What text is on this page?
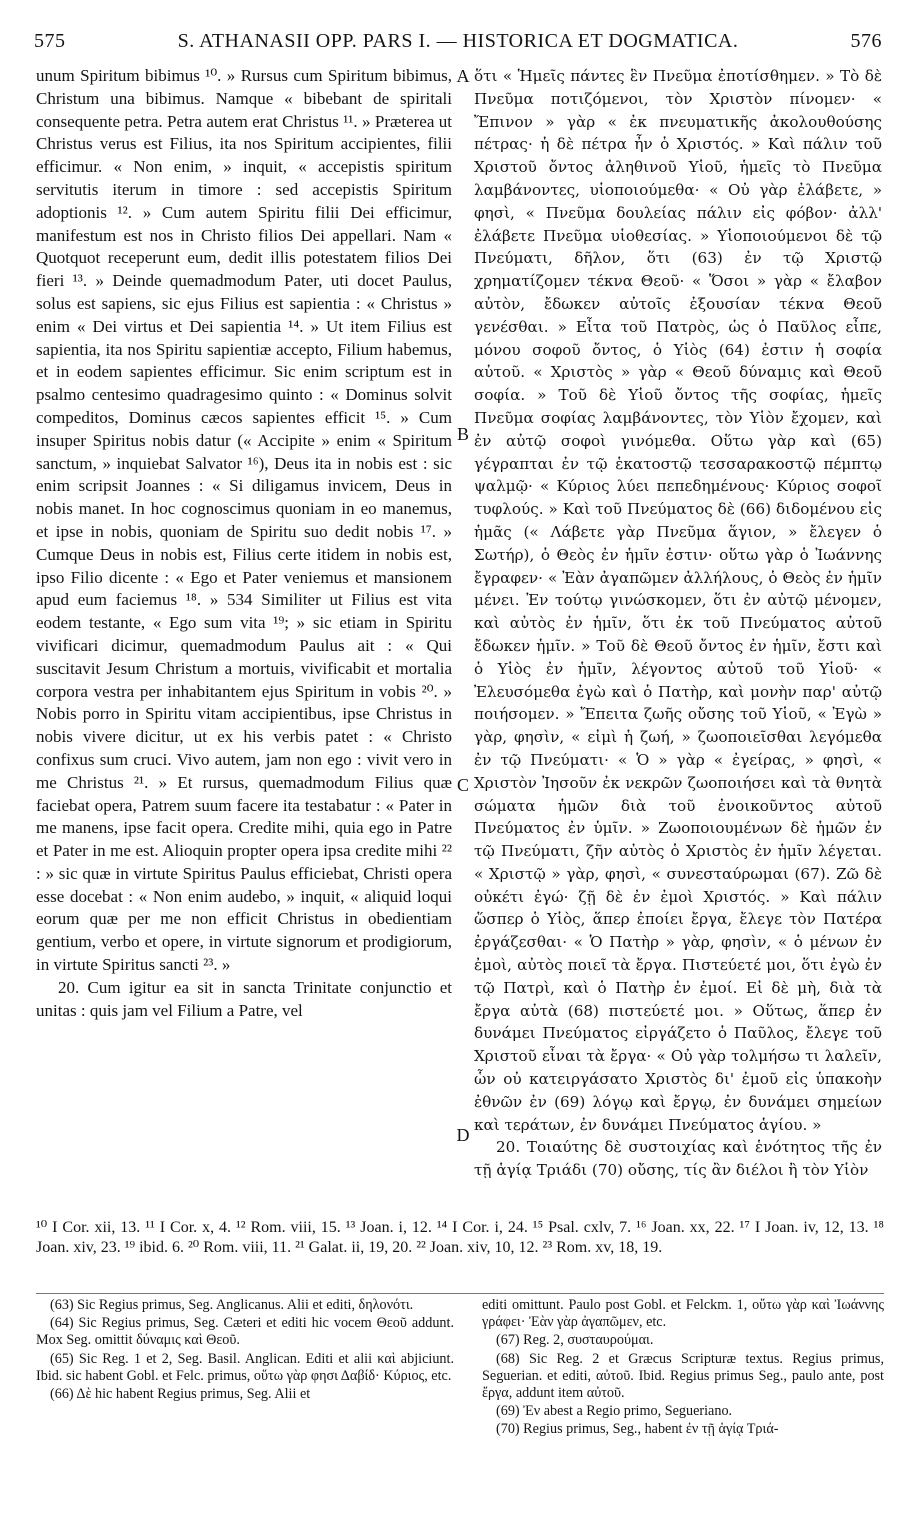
575	S. ATHANASII OPP. PARS I. — HISTORICA ET DOGMATICA.	576

unum Spiritum bibimus ¹⁰. » Rursus cum Spiritum bibimus, Christum una bibimus. Namque « bibebant de spiritali consequente petra. Petra autem erat Christus ¹¹. » Præterea ut Christus verus est Filius, ita nos Spiritum accipientes, filii efficimur. « Non enim, » inquit, « accepistis spiritum servitutis iterum in timore : sed accepistis Spiritum adoptionis ¹². » Cum autem Spiritu filii Dei efficimur, manifestum est nos in Christo filios Dei appellari. Nam « Quotquot receperunt eum, dedit illis potestatem filios Dei fieri ¹³. » Deinde quemadmodum Pater, uti docet Paulus, solus est sapiens, sic ejus Filius est sapientia : « Christus » enim « Dei virtus et Dei sapientia ¹⁴. » Ut item Filius est sapientia, ita nos Spiritu sapientiæ accepto, Filium habemus, et in eodem sapientes efficimur. Sic enim scriptum est in psalmo centesimo quadragesimo quinto : « Dominus solvit compeditos, Dominus cæcos sapientes efficit ¹⁵. » Cum insuper Spiritus nobis datur (« Accipite » enim « Spiritum sanctum, » inquiebat Salvator ¹⁶), Deus ita in nobis est : sic enim scripsit Joannes : « Si diligamus invicem, Deus in nobis manet. In hoc cognoscimus quoniam in eo manemus, et ipse in nobis, quoniam de Spiritu suo dedit nobis ¹⁷. » Cumque Deus in nobis est, Filius certe itidem in nobis est, ipso Filio dicente : « Ego et Pater veniemus et mansionem apud eum faciemus ¹⁸. » 534 Similiter ut Filius est vita eodem testante, « Ego sum vita ¹⁹; » sic etiam in Spiritu vivificari dicimur, quemadmodum Paulus ait : « Qui suscitavit Jesum Christum a mortuis, vivificabit et mortalia corpora vestra per inhabitantem ejus Spiritum in vobis ²⁰. » Nobis porro in Spiritu vitam accipientibus, ipse Christus in nobis vivere dicitur, ut ex his verbis patet : « Christo confixus sum cruci. Vivo autem, jam non ego : vivit vero in me Christus ²¹. » Et rursus, quemadmodum Filius quæ faciebat opera, Patrem suum facere ita testabatur : « Pater in me manens, ipse facit opera. Credite mihi, quia ego in Patre et Pater in me est. Alioquin propter opera ipsa credite mihi ²² : » sic quæ in virtute Spiritus Paulus efficiebat, Christi opera esse docebat : « Non enim audebo, » inquit, « aliquid loqui eorum quæ per me non efficit Christus in obedientiam gentium, verbo et opere, in virtute signorum et prodigiorum, in virtute Spiritus sancti ²³. »

20. Cum igitur ea sit in sancta Trinitate conjunctio et unitas : quis jam vel Filium a Patre, vel

A
B
C
D

ὅτι « Ἡμεῖς πάντες ἓν Πνεῦμα ἐποτίσθημεν. » Τὸ δὲ Πνεῦμα ποτιζόμενοι, τὸν Χριστὸν πίνομεν· « Ἔπινον » γὰρ « ἐκ πνευματικῆς ἀκολουθούσης πέτρας· ἡ δὲ πέτρα ἦν ὁ Χριστός. » Καὶ πάλιν τοῦ Χριστοῦ ὄντος ἀληθινοῦ Υἱοῦ, ἡμεῖς τὸ Πνεῦμα λαμβάνοντες, υἱοποιούμεθα· « Οὐ γὰρ ἐλάβετε, » φησὶ, « Πνεῦμα δουλείας πάλιν εἰς φόβον· ἀλλ' ἐλάβετε Πνεῦμα υἱοθεσίας. » Υἱοποιούμενοι δὲ τῷ Πνεύματι, δῆλον, ὅτι (63) ἐν τῷ Χριστῷ χρηματίζομεν τέκνα Θεοῦ· « Ὅσοι » γὰρ « ἔλαβον αὐτὸν, ἔδωκεν αὐτοῖς ἐξουσίαν τέκνα Θεοῦ γενέσθαι. » Εἶτα τοῦ Πατρὸς, ὡς ὁ Παῦλος εἶπε, μόνου σοφοῦ ὄντος, ὁ Υἱὸς (64) ἐστιν ἡ σοφία αὐτοῦ. « Χριστὸς » γὰρ « Θεοῦ δύναμις καὶ Θεοῦ σοφία. » Τοῦ δὲ Υἱοῦ ὄντος τῆς σοφίας, ἡμεῖς Πνεῦμα σοφίας λαμβάνοντες, τὸν Υἱὸν ἔχομεν, καὶ ἐν αὐτῷ σοφοὶ γινόμεθα. Οὕτω γὰρ καὶ (65) γέγραπται ἐν τῷ ἑκατοστῷ τεσσαρακοστῷ πέμπτῳ ψαλμῷ· « Κύριος λύει πεπεδημένους· Κύριος σοφοῖ τυφλούς. » Καὶ τοῦ Πνεύματος δὲ (66) διδομένου εἰς ἡμᾶς (« Λάβετε γὰρ Πνεῦμα ἅγιον, » ἔλεγεν ὁ Σωτήρ), ὁ Θεὸς ἐν ἡμῖν ἐστιν· οὕτω γὰρ ὁ Ἰωάννης ἔγραφεν· « Ἐὰν ἀγαπῶμεν ἀλλήλους, ὁ Θεὸς ἐν ἡμῖν μένει. Ἐν τούτῳ γινώσκομεν, ὅτι ἐν αὐτῷ μένομεν, καὶ αὐτὸς ἐν ἡμῖν, ὅτι ἐκ τοῦ Πνεύματος αὐτοῦ ἔδωκεν ἡμῖν. » Τοῦ δὲ Θεοῦ ὄντος ἐν ἡμῖν, ἔστι καὶ ὁ Υἱὸς ἐν ἡμῖν, λέγοντος αὐτοῦ τοῦ Υἱοῦ· « Ἐλευσόμεθα ἐγὼ καὶ ὁ Πατὴρ, καὶ μονὴν παρ' αὐτῷ ποιήσομεν. » Ἔπειτα ζωῆς οὔσης τοῦ Υἱοῦ, « Ἐγὼ » γὰρ, φησὶν, « εἰμὶ ἡ ζωή, » ζωοποιεῖσθαι λεγόμεθα ἐν τῷ Πνεύματι· « Ὁ » γὰρ « ἐγείρας, » φησὶ, « Χριστὸν Ἰησοῦν ἐκ νεκρῶν ζωοποιήσει καὶ τὰ θνητὰ σώματα ἡμῶν διὰ τοῦ ἐνοικοῦντος αὐτοῦ Πνεύματος ἐν ὑμῖν. » Ζωοποιουμένων δὲ ἡμῶν ἐν τῷ Πνεύματι, ζῆν αὐτὸς ὁ Χριστὸς ἐν ἡμῖν λέγεται. « Χριστῷ » γὰρ, φησὶ, « συνεσταύρωμαι (67). Ζῶ δὲ οὐκέτι ἐγώ· ζῇ δὲ ἐν ἐμοὶ Χριστός. » Καὶ πάλιν ὥσπερ ὁ Υἱὸς, ἅπερ ἐποίει ἔργα, ἔλεγε τὸν Πατέρα ἐργάζεσθαι· « Ὁ Πατὴρ » γὰρ, φησὶν, « ὁ μένων ἐν ἐμοὶ, αὐτὸς ποιεῖ τὰ ἔργα. Πιστεύετέ μοι, ὅτι ἐγὼ ἐν τῷ Πατρὶ, καὶ ὁ Πατὴρ ἐν ἐμοί. Εἰ δὲ μὴ, διὰ τὰ ἔργα αὐτὰ (68) πιστεύετέ μοι. » Οὕτως, ἅπερ ἐν δυνάμει Πνεύματος εἰργάζετο ὁ Παῦλος, ἔλεγε τοῦ Χριστοῦ εἶναι τὰ ἔργα· « Οὐ γὰρ τολμήσω τι λαλεῖν, ὧν οὐ κατειργάσατο Χριστὸς δι' ἐμοῦ εἰς ὑπακοὴν ἐθνῶν ἐν (69) λόγῳ καὶ ἔργῳ, ἐν δυνάμει σημείων καὶ τεράτων, ἐν δυνάμει Πνεύματος ἁγίου. »

20. Τοιαύτης δὲ συστοιχίας καὶ ἑνότητος τῆς ἐν τῇ ἁγίᾳ Τριάδι (70) οὔσης, τίς ἂν διέλοι ἢ τὸν Υἱὸν

¹⁰ I Cor. xii, 13. ¹¹ I Cor. x, 4. ¹² Rom. viii, 15. ¹³ Joan. i, 12. ¹⁴ I Cor. i, 24. ¹⁵ Psal. cxlv, 7. ¹⁶ Joan. xx, 22. ¹⁷ I Joan. iv, 12, 13. ¹⁸ Joan. xiv, 23. ¹⁹ ibid. 6. ²⁰ Rom. viii, 11. ²¹ Galat. ii, 19, 20. ²² Joan. xiv, 10, 12. ²³ Rom. xv, 18, 19.

(63) Sic Regius primus, Seg. Anglicanus. Alii et editi, δηλονότι.

(64) Sic Regius primus, Seg. Cæteri et editi hic vocem Θεοῦ addunt. Mox Seg. omittit δύναμις καὶ Θεοῦ.

(65) Sic Reg. 1 et 2, Seg. Basil. Anglican. Editi et alii καὶ abjiciunt. Ibid. sic habent Gobl. et Felc. primus, οὕτω γὰρ φησι Δαβίδ· Κύριος, etc.

(66) Δὲ hic habent Regius primus, Seg. Alii et

editi omittunt. Paulo post Gobl. et Felckm. 1, οὕτω γὰρ καὶ Ἰωάννης γράφει· Ἐὰν γὰρ ἀγαπῶμεν, etc.

(67) Reg. 2, συσταυρούμαι.

(68) Sic Reg. 2 et Græcus Scripturæ textus. Regius primus, Seguerian. et editi, αὐτοῦ. Ibid. Regius primus Seg., paulo ante, post ἔργα, addunt item αὐτοῦ.

(69) Ἐν abest a Regio primo, Segueriano.

(70) Regius primus, Seg., habent ἐν τῇ ἁγίᾳ Τριά-
